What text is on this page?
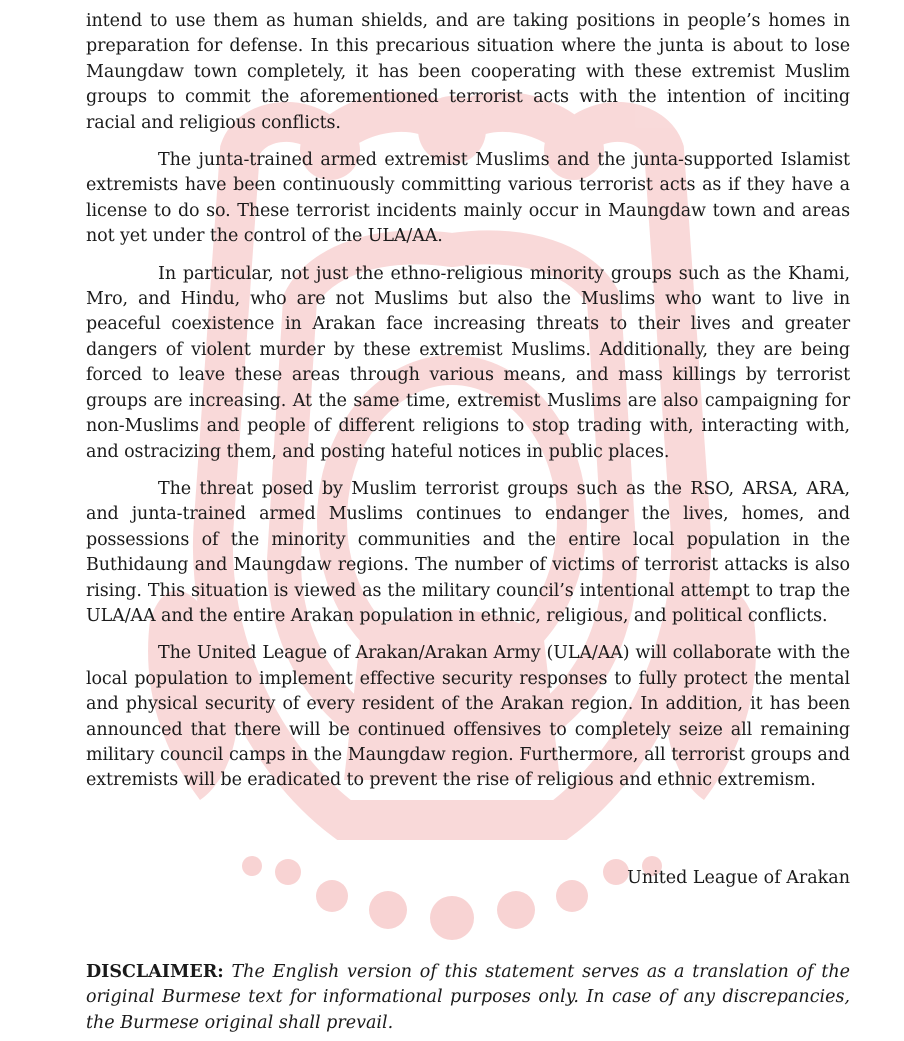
intend to use them as human shields, and are taking positions in people’s homes in preparation for defense. In this precarious situation where the junta is about to lose Maungdaw town completely, it has been cooperating with these extremist Muslim groups to commit the aforementioned terrorist acts with the intention of inciting racial and religious conflicts.

The junta-trained armed extremist Muslims and the junta-supported Islamist extremists have been continuously committing various terrorist acts as if they have a license to do so. These terrorist incidents mainly occur in Maungdaw town and areas not yet under the control of the ULA/AA.

In particular, not just the ethno-religious minority groups such as the Khami, Mro, and Hindu, who are not Muslims but also the Muslims who want to live in peaceful coexistence in Arakan face increasing threats to their lives and greater dangers of violent murder by these extremist Muslims. Additionally, they are being forced to leave these areas through various means, and mass killings by terrorist groups are increasing. At the same time, extremist Muslims are also campaigning for non-Muslims and people of different religions to stop trading with, interacting with, and ostracizing them, and posting hateful notices in public places.

The threat posed by Muslim terrorist groups such as the RSO, ARSA, ARA, and junta-trained armed Muslims continues to endanger the lives, homes, and possessions of the minority communities and the entire local population in the Buthidaung and Maungdaw regions. The number of victims of terrorist attacks is also rising. This situation is viewed as the military council’s intentional attempt to trap the ULA/AA and the entire Arakan population in ethnic, religious, and political conflicts.

The United League of Arakan/Arakan Army (ULA/AA) will collaborate with the local population to implement effective security responses to fully protect the mental and physical security of every resident of the Arakan region. In addition, it has been announced that there will be continued offensives to completely seize all remaining military council camps in the Maungdaw region. Furthermore, all terrorist groups and extremists will be eradicated to prevent the rise of religious and ethnic extremism.

United League of Arakan

DISCLAIMER: The English version of this statement serves as a translation of the original Burmese text for informational purposes only. In case of any discrepancies, the Burmese original shall prevail.
